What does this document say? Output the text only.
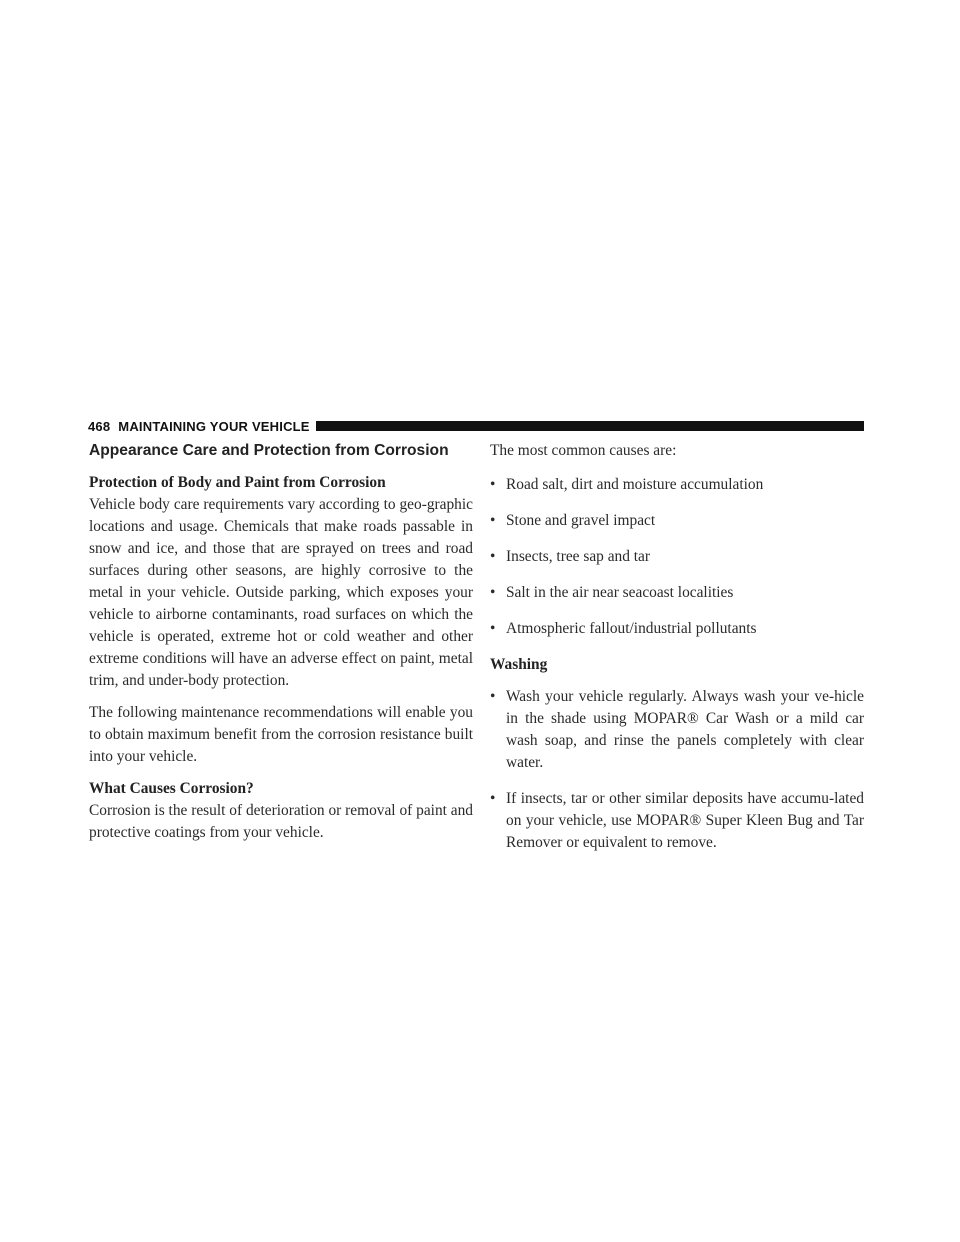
468 MAINTAINING YOUR VEHICLE
Appearance Care and Protection from Corrosion
Protection of Body and Paint from Corrosion

Vehicle body care requirements vary according to geo-graphic locations and usage. Chemicals that make roads passable in snow and ice, and those that are sprayed on trees and road surfaces during other seasons, are highly corrosive to the metal in your vehicle. Outside parking, which exposes your vehicle to airborne contaminants, road surfaces on which the vehicle is operated, extreme hot or cold weather and other extreme conditions will have an adverse effect on paint, metal trim, and under-body protection.

The following maintenance recommendations will enable you to obtain maximum benefit from the corrosion resistance built into your vehicle.

What Causes Corrosion?

Corrosion is the result of deterioration or removal of paint and protective coatings from your vehicle.

The most common causes are:

• Road salt, dirt and moisture accumulation
• Stone and gravel impact
• Insects, tree sap and tar
• Salt in the air near seacoast localities
• Atmospheric fallout/industrial pollutants
Washing
• Wash your vehicle regularly. Always wash your ve-hicle in the shade using MOPAR® Car Wash or a mild car wash soap, and rinse the panels completely with clear water.
• If insects, tar or other similar deposits have accumu-lated on your vehicle, use MOPAR® Super Kleen Bug and Tar Remover or equivalent to remove.
